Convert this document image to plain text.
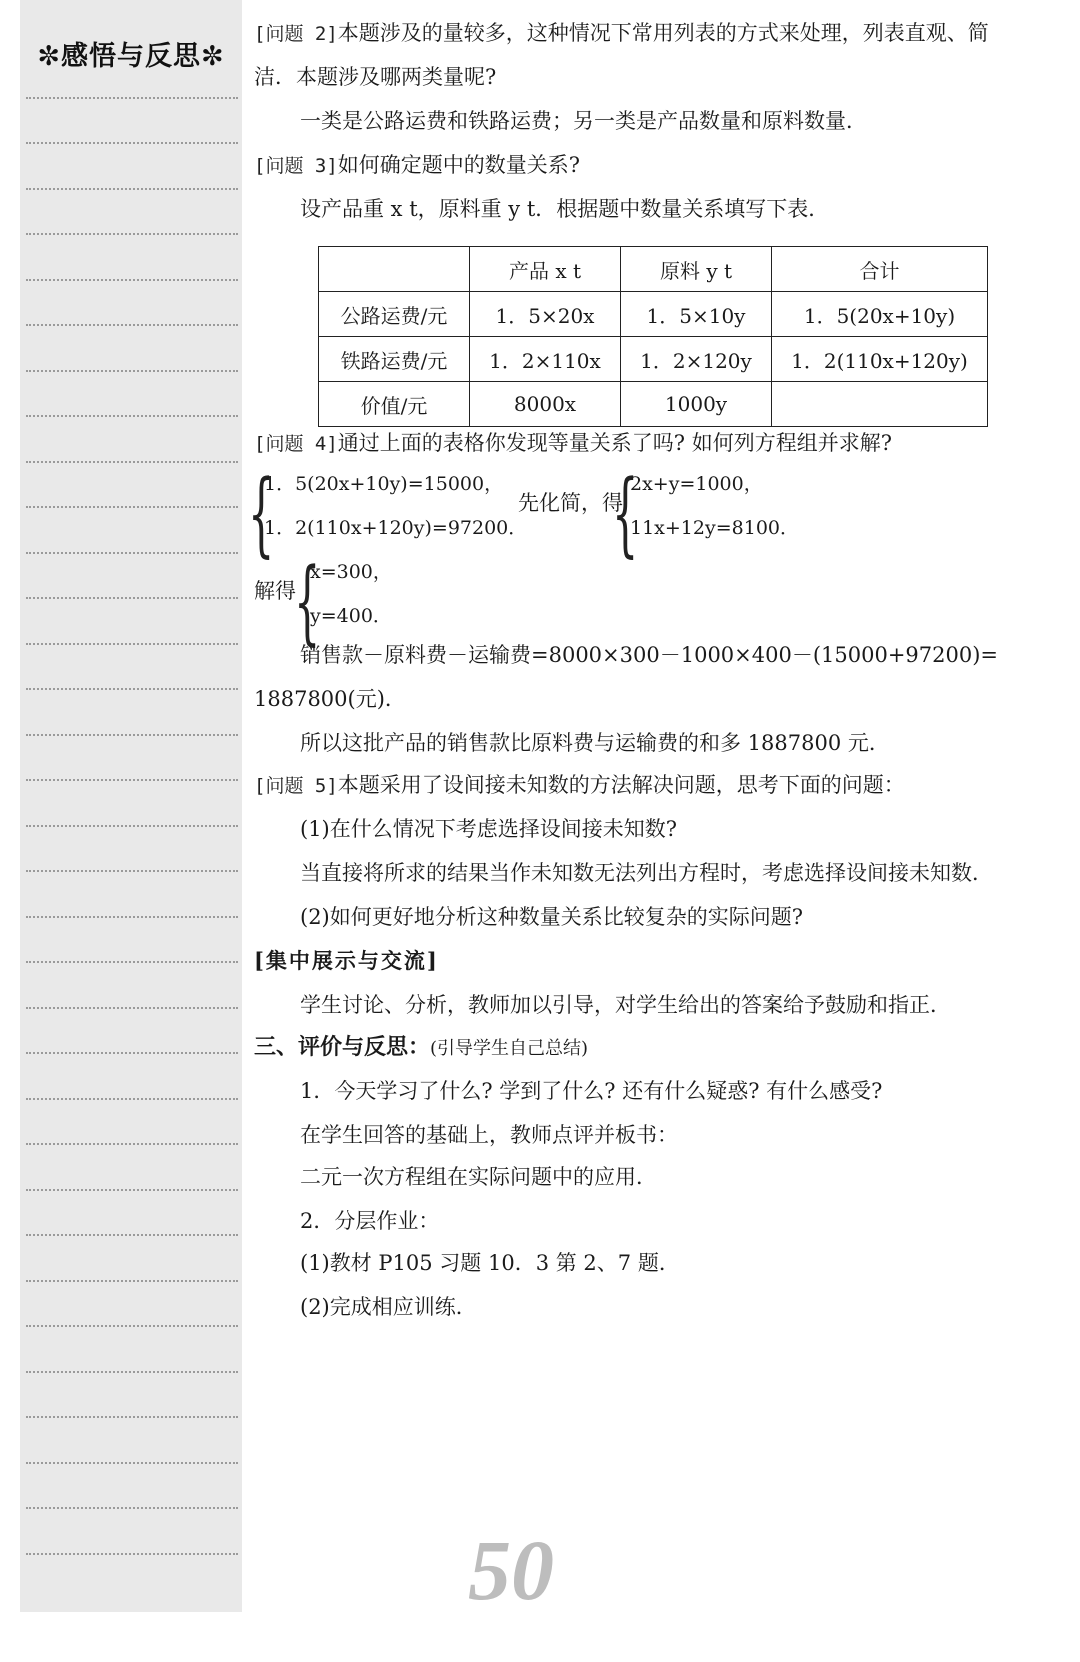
✼感悟与反思✼
[问题 2]本题涉及的量较多，这种情况下常用列表的方式来处理，列表直观、简
洁．本题涉及哪两类量呢?
一类是公路运费和铁路运费；另一类是产品数量和原料数量．
[问题 3]如何确定题中的数量关系?
设产品重 x t，原料重 y t．根据题中数量关系填写下表．
	产品 x t	原料 y t	合计
公路运费/元	1．5×20x	1．5×10y	1．5(20x+10y)
铁路运费/元	1．2×110x	1．2×120y	1．2(110x+120y)
价值/元	8000x	1000y	
[问题 4]通过上面的表格你发现等量关系了吗? 如何列方程组并求解?
{
1．5(20x+10y)=15000，
1．2(110x+120y)=97200．
先化简，得
{
2x+y=1000，
11x+12y=8100．
解得
{
x=300，
y=400．
销售款－原料费－运输费=8000×300－1000×400－(15000+97200)=
1887800(元)．
所以这批产品的销售款比原料费与运输费的和多 1887800 元．
[问题 5]本题采用了设间接未知数的方法解决问题，思考下面的问题：
(1)在什么情况下考虑选择设间接未知数?
当直接将所求的结果当作未知数无法列出方程时，考虑选择设间接未知数．
(2)如何更好地分析这种数量关系比较复杂的实际问题?
[集中展示与交流]
学生讨论、分析，教师加以引导，对学生给出的答案给予鼓励和指正．
三、评价与反思：(引导学生自己总结)
1．今天学习了什么? 学到了什么? 还有什么疑惑? 有什么感受?
在学生回答的基础上，教师点评并板书：
二元一次方程组在实际问题中的应用．
2．分层作业：
(1)教材 P105 习题 10．3 第 2、7 题．
(2)完成相应训练．
50
